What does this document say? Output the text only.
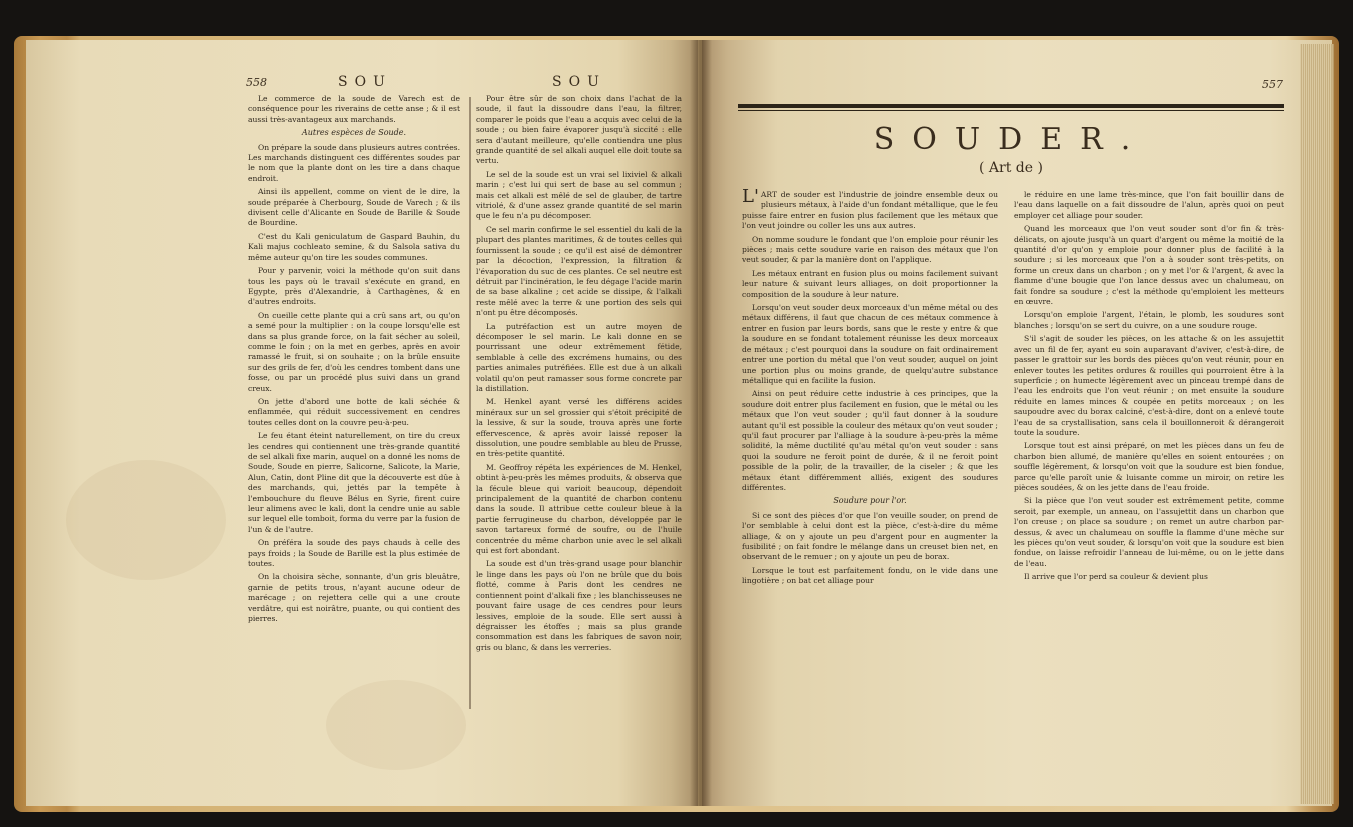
558	SOU	SOU

Le commerce de la soude de Varech est de conséquence pour les riverains de cette anse ; & il est aussi très-avantageux aux marchands.

Autres espèces de Soude.

On prépare la soude dans plusieurs autres contrées. Les marchands distinguent ces différentes soudes par le nom que la plante dont on les tire a dans chaque endroit.

Ainsi ils appellent, comme on vient de le dire, la soude préparée à Cherbourg, Soude de Varech ; & ils divisent celle d'Alicante en Soude de Barille & Soude de Bourdine.

C'est du Kali geniculatum de Gaspard Bauhin, du Kali majus cochleato semine, & du Salsola sativa du même auteur qu'on tire les soudes communes.

Pour y parvenir, voici la méthode qu'on suit dans tous les pays où le travail s'exécute en grand, en Egypte, près d'Alexandrie, à Carthagènes, & en d'autres endroits.

On cueille cette plante qui a crû sans art, ou qu'on a semé pour la multiplier : on la coupe lorsqu'elle est dans sa plus grande force, on la fait sécher au soleil, comme le foin ; on la met en gerbes, après en avoir ramassé le fruit, si on souhaite ; on la brûle ensuite sur des grils de fer, d'où les cendres tombent dans une fosse, ou par un procédé plus suivi dans un grand creux.

On jette d'abord une botte de kali séchée & enflammée, qui réduit successivement en cendres toutes celles dont on la couvre peu-à-peu.

Le feu étant éteint naturellement, on tire du creux les cendres qui contiennent une très-grande quantité de sel alkali fixe marin, auquel on a donné les noms de Soude, Soude en pierre, Salicorne, Salicote, la Marie, Alun, Catin, dont Pline dit que la découverte est dûe à des marchands, qui, jettés par la tempête à l'embouchure du fleuve Bélus en Syrie, firent cuire leur alimens avec le kali, dont la cendre unie au sable sur lequel elle tomboit, forma du verre par la fusion de l'un & de l'autre.

On préféra la soude des pays chauds à celle des pays froids ; la Soude de Barille est la plus estimée de toutes.

On la choisira sèche, sonnante, d'un gris bleuâtre, garnie de petits trous, n'ayant aucune odeur de marécage ; on rejettera celle qui a une croute verdâtre, qui est noirâtre, puante, ou qui contient des pierres.

Pour être sûr de son choix dans l'achat de la soude, il faut la dissoudre dans l'eau, la filtrer, comparer le poids que l'eau a acquis avec celui de la soude ; ou bien faire évaporer jusqu'à siccité : elle sera d'autant meilleure, qu'elle contiendra une plus grande quantité de sel alkali auquel elle doit toute sa vertu.

Le sel de la soude est un vrai sel lixiviel & alkali marin ; c'est lui qui sert de base au sel commun ; mais cet alkali est mêlé de sel de glauber, de tartre vitriolé, & d'une assez grande quantité de sel marin que le feu n'a pu décomposer.

Ce sel marin confirme le sel essentiel du kali de la plupart des plantes maritimes, & de toutes celles qui fournissent la soude ; ce qu'il est aisé de démontrer par la décoction, l'expression, la filtration & l'évaporation du suc de ces plantes. Ce sel neutre est détruit par l'incinération, le feu dégage l'acide marin de sa base alkaline ; cet acide se dissipe, & l'alkali reste mêlé avec la terre & une portion des sels qui n'ont pu être décomposés.

La putréfaction est un autre moyen de décomposer le sel marin. Le kali donne en se pourrissant une odeur extrêmement fétide, semblable à celle des excrémens humains, ou des parties animales putréfiées. Elle est due à un alkali volatil qu'on peut ramasser sous forme concrete par la distillation.

M. Henkel ayant versé les différens acides minéraux sur un sel grossier qui s'étoit précipité de la lessive, & sur la soude, trouva après une forte effervescence, & après avoir laissé reposer la dissolution, une poudre semblable au bleu de Prusse, en très-petite quantité.

M. Geoffroy répéta les expériences de M. Henkel, obtint à-peu-près les mêmes produits, & observa que la fécule bleue qui varioit beaucoup, dépendoit principalement de la quantité de charbon contenu dans la soude. Il attribue cette couleur bleue à la partie ferrugineuse du charbon, développée par le savon tartareux formé de soufre, ou de l'huile concentrée du même charbon unie avec le sel alkali qui est fort abondant.

La soude est d'un très-grand usage pour blanchir le linge dans les pays où l'on ne brûle que du bois flotté, comme à Paris dont les cendres ne contiennent point d'alkali fixe ; les blanchisseuses ne pouvant faire usage de ces cendres pour leurs lessives, emploie de la soude. Elle sert aussi à dégraisser les étoffes ; mais sa plus grande consommation est dans les fabriques de savon noir, gris ou blanc, & dans les verreries.

557
SOUDER.
( Art de )

L'ART de souder est l'industrie de joindre ensemble deux ou plusieurs métaux, à l'aide d'un fondant métallique, que le feu puisse faire entrer en fusion plus facilement que les métaux que l'on veut joindre ou coller les uns aux autres.

On nomme soudure le fondant que l'on emploie pour réunir les pièces ; mais cette soudure varie en raison des métaux que l'on veut souder, & par la manière dont on l'applique.

Les métaux entrant en fusion plus ou moins facilement suivant leur nature & suivant leurs alliages, on doit proportionner la composition de la soudure à leur nature.

Lorsqu'on veut souder deux morceaux d'un même métal ou des métaux différens, il faut que chacun de ces métaux commence à entrer en fusion par leurs bords, sans que le reste y entre & que la soudure en se fondant totalement réunisse les deux morceaux de métaux ; c'est pourquoi dans la soudure on fait ordinairement entrer une portion du métal que l'on veut souder, auquel on joint une portion plus ou moins grande, de quelqu'autre substance métallique qui en facilite la fusion.

Ainsi on peut réduire cette industrie à ces principes, que la soudure doit entrer plus facilement en fusion, que le métal ou les métaux que l'on veut souder ; qu'il faut donner à la soudure autant qu'il est possible la couleur des métaux qu'on veut souder ; qu'il faut procurer par l'alliage à la soudure à-peu-près la même solidité, la même ductilité qu'au métal qu'on veut souder : sans quoi la soudure ne feroit point de durée, & il ne feroit point possible de la polir, de la travailler, de la ciseler ; & que les métaux étant différemment alliés, exigent des soudures différentes.

Soudure pour l'or.

Si ce sont des pièces d'or que l'on veuille souder, on prend de l'or semblable à celui dont est la pièce, c'est-à-dire du même alliage, & on y ajoute un peu d'argent pour en augmenter la fusibilité ; on fait fondre le mélange dans un creuset bien net, en observant de le remuer ; on y ajoute un peu de borax.

Lorsque le tout est parfaitement fondu, on le vide dans une lingotière ; on bat cet alliage pour

le réduire en une lame très-mince, que l'on fait bouillir dans de l'eau dans laquelle on a fait dissoudre de l'alun, après quoi on peut employer cet alliage pour souder.

Quand les morceaux que l'on veut souder sont d'or fin & très-délicats, on ajoute jusqu'à un quart d'argent ou même la moitié de la quantité d'or qu'on y emploie pour donner plus de facilité à la soudure ; si les morceaux que l'on a à souder sont très-petits, on forme un creux dans un charbon ; on y met l'or & l'argent, & avec la flamme d'une bougie que l'on lance dessus avec un chalumeau, on fait fondre sa soudure ; c'est la méthode qu'emploient les metteurs en œuvre.

Lorsqu'on emploie l'argent, l'étain, le plomb, les soudures sont blanches ; lorsqu'on se sert du cuivre, on a une soudure rouge.

S'il s'agit de souder les pièces, on les attache & on les assujettit avec un fil de fer, ayant eu soin auparavant d'aviver, c'est-à-dire, de passer le grattoir sur les bords des pièces qu'on veut réunir, pour en enlever toutes les petites ordures & rouilles qui pourroient être à la superficie ; on humecte légèrement avec un pinceau trempé dans de l'eau les endroits que l'on veut réunir ; on met ensuite la soudure réduite en lames minces & coupée en petits morceaux ; on les saupoudre avec du borax calciné, c'est-à-dire, dont on a enlevé toute l'eau de sa crystallisation, sans cela il bouillonneroit & dérangeroit toute la soudure.

Lorsque tout est ainsi préparé, on met les pièces dans un feu de charbon bien allumé, de manière qu'elles en soient entourées ; on souffle légèrement, & lorsqu'on voit que la soudure est bien fondue, parce qu'elle paroît unie & luisante comme un miroir, on retire les pièces soudées, & on les jette dans de l'eau froide.

Si la pièce que l'on veut souder est extrêmement petite, comme seroit, par exemple, un anneau, on l'assujettit dans un charbon que l'on creuse ; on place sa soudure ; on remet un autre charbon par-dessus, & avec un chalumeau on souffle la flamme d'une mèche sur les pièces qu'on veut souder, & lorsqu'on voit que la soudure est bien fondue, on laisse refroidir l'anneau de lui-même, ou on le jette dans de l'eau.

Il arrive que l'or perd sa couleur & devient plus
